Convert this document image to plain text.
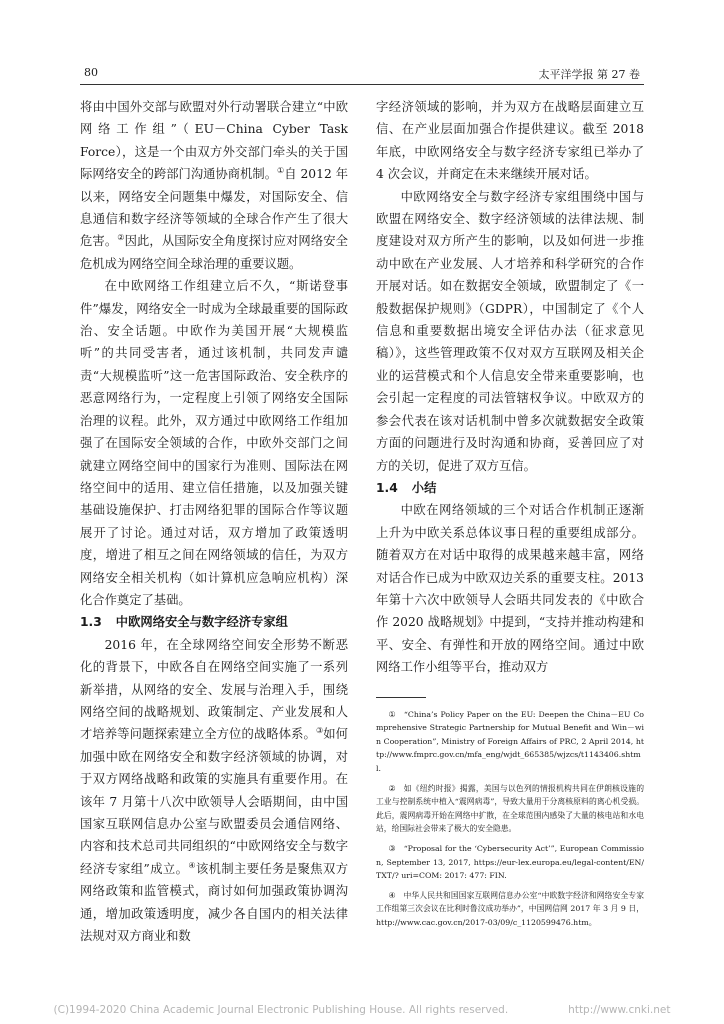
80	太平洋学报 第 27 卷

将由中国外交部与欧盟对外行动署联合建立“中欧网络工作组”（EU－China Cyber Task Force），这是一个由双方外交部门牵头的关于国际网络安全的跨部门沟通协商机制。①自 2012 年以来，网络安全问题集中爆发，对国际安全、信息通信和数字经济等领域的全球合作产生了很大危害。②因此，从国际安全角度探讨应对网络安全危机成为网络空间全球治理的重要议题。

在中欧网络工作组建立后不久，“斯诺登事件”爆发，网络安全一时成为全球最重要的国际政治、安全话题。中欧作为美国开展“大规模监听”的共同受害者，通过该机制，共同发声谴责“大规模监听”这一危害国际政治、安全秩序的恶意网络行为，一定程度上引领了网络安全国际治理的议程。此外，双方通过中欧网络工作组加强了在国际安全领域的合作，中欧外交部门之间就建立网络空间中的国家行为准则、国际法在网络空间中的适用、建立信任措施，以及加强关键基础设施保护、打击网络犯罪的国际合作等议题展开了讨论。通过对话，双方增加了政策透明度，增进了相互之间在网络领域的信任，为双方网络安全相关机构（如计算机应急响应机构）深化合作奠定了基础。

1.3 中欧网络安全与数字经济专家组

2016 年，在全球网络空间安全形势不断恶化的背景下，中欧各自在网络空间实施了一系列新举措，从网络的安全、发展与治理入手，围绕网络空间的战略规划、政策制定、产业发展和人才培养等问题探索建立全方位的战略体系。③如何加强中欧在网络安全和数字经济领域的协调，对于双方网络战略和政策的实施具有重要作用。在该年 7 月第十八次中欧领导人会晤期间，由中国国家互联网信息办公室与欧盟委员会通信网络、内容和技术总司共同组织的“中欧网络安全与数字经济专家组”成立。④该机制主要任务是聚焦双方网络政策和监管模式，商讨如何加强政策协调沟通，增加政策透明度，减少各自国内的相关法律法规对双方商业和数

字经济领域的影响，并为双方在战略层面建立互信、在产业层面加强合作提供建议。截至 2018 年底，中欧网络安全与数字经济专家组已举办了 4 次会议，并商定在未来继续开展对话。

中欧网络安全与数字经济专家组围绕中国与欧盟在网络安全、数字经济领域的法律法规、制度建设对双方所产生的影响，以及如何进一步推动中欧在产业发展、人才培养和科学研究的合作开展对话。如在数据安全领域，欧盟制定了《一般数据保护规则》（GDPR），中国制定了《个人信息和重要数据出境安全评估办法（征求意见稿）》，这些管理政策不仅对双方互联网及相关企业的运营模式和个人信息安全带来重要影响，也会引起一定程度的司法管辖权争议。中欧双方的参会代表在该对话机制中曾多次就数据安全政策方面的问题进行及时沟通和协商，妥善回应了对方的关切，促进了双方互信。

1.4 小结

中欧在网络领域的三个对话合作机制正逐渐上升为中欧关系总体议事日程的重要组成部分。随着双方在对话中取得的成果越来越丰富，网络对话合作已成为中欧双边关系的重要支柱。2013 年第十六次中欧领导人会晤共同发表的《中欧合作 2020 战略规划》中提到，“支持并推动构建和平、安全、有弹性和开放的网络空间。通过中欧网络工作小组等平台，推动双方

① “China’s Policy Paper on the EU: Deepen the China－EU Comprehensive Strategic Partnership for Mutual Benefit and Win－win Cooperation”, Ministry of Foreign Affairs of PRC, 2 April 2014, http://www.fmprc.gov.cn/mfa_eng/wjdt_665385/wjzcs/t1143406.shtml.

② 如《纽约时报》揭露，美国与以色列的情报机构共同在伊朗核设施的工业与控制系统中植入“震网病毒”，导致大量用于分离核原料的离心机受损。此后，震网病毒开始在网络中扩散，在全球范围内感染了大量的核电站和水电站，给国际社会带来了极大的安全隐患。

③ “Proposal for the ‘Cybersecurity Act’”, European Commission, September 13, 2017, https://eur-lex.europa.eu/legal-content/EN/TXT/? uri=COM: 2017: 477: FIN.

④ 中华人民共和国国家互联网信息办公室“中欧数字经济和网络安全专家工作组第三次会议在比利时鲁汶成功举办”，中国网信网 2017 年 3 月 9 日，http://www.cac.gov.cn/2017-03/09/c_1120599476.htm。

(C)1994-2020 China Academic Journal Electronic Publishing House. All rights reserved.	http://www.cnki.net
